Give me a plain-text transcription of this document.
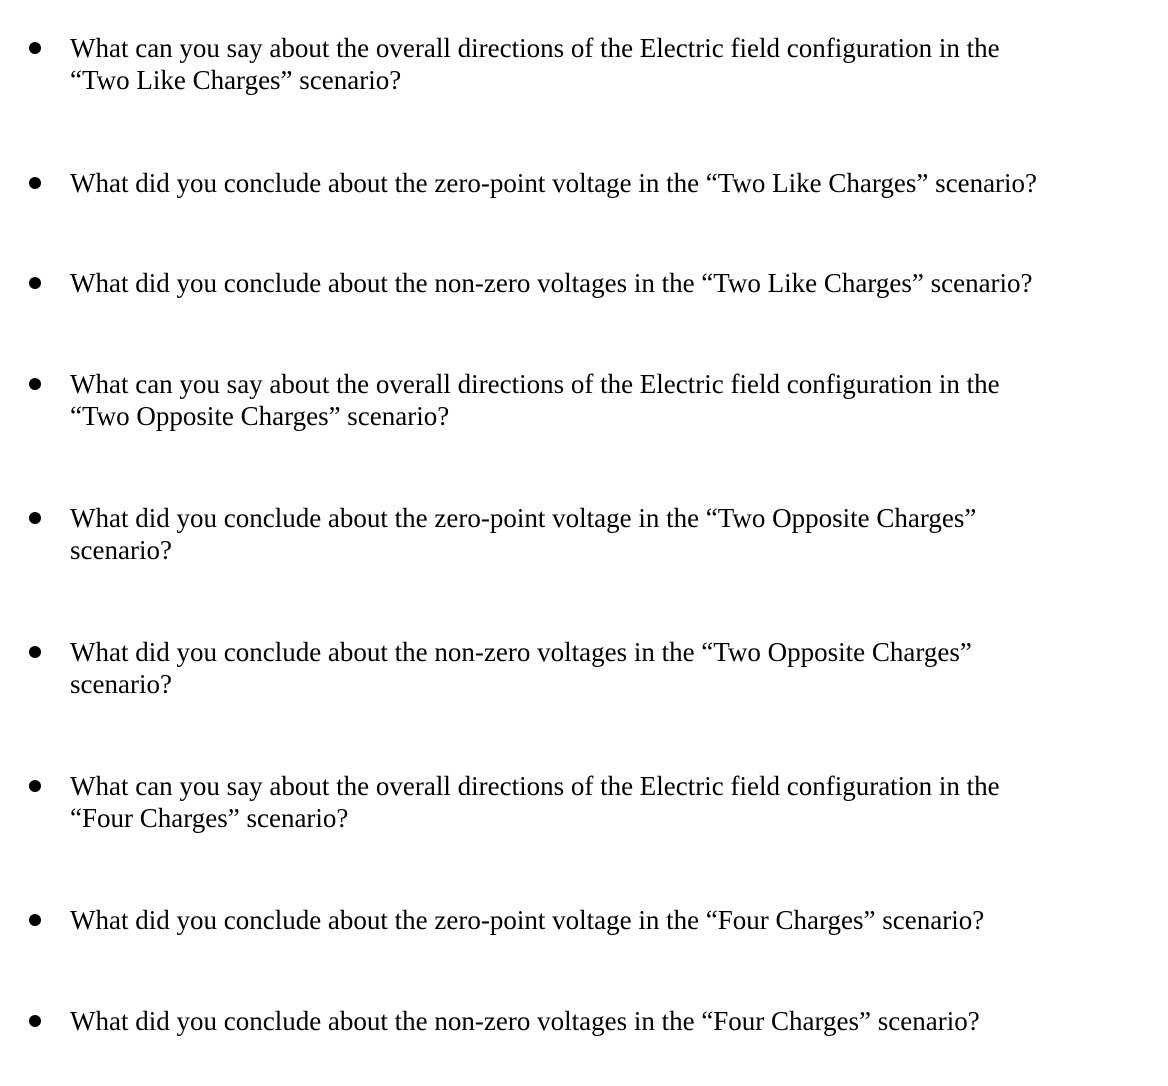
What can you say about the overall directions of the Electric field configuration in the
“Two Like Charges” scenario?
What did you conclude about the zero-point voltage in the “Two Like Charges” scenario?
What did you conclude about the non-zero voltages in the “Two Like Charges” scenario?
What can you say about the overall directions of the Electric field configuration in the
“Two Opposite Charges” scenario?
What did you conclude about the zero-point voltage in the “Two Opposite Charges”
scenario?
What did you conclude about the non-zero voltages in the “Two Opposite Charges”
scenario?
What can you say about the overall directions of the Electric field configuration in the
“Four Charges” scenario?
What did you conclude about the zero-point voltage in the “Four Charges” scenario?
What did you conclude about the non-zero voltages in the “Four Charges” scenario?
